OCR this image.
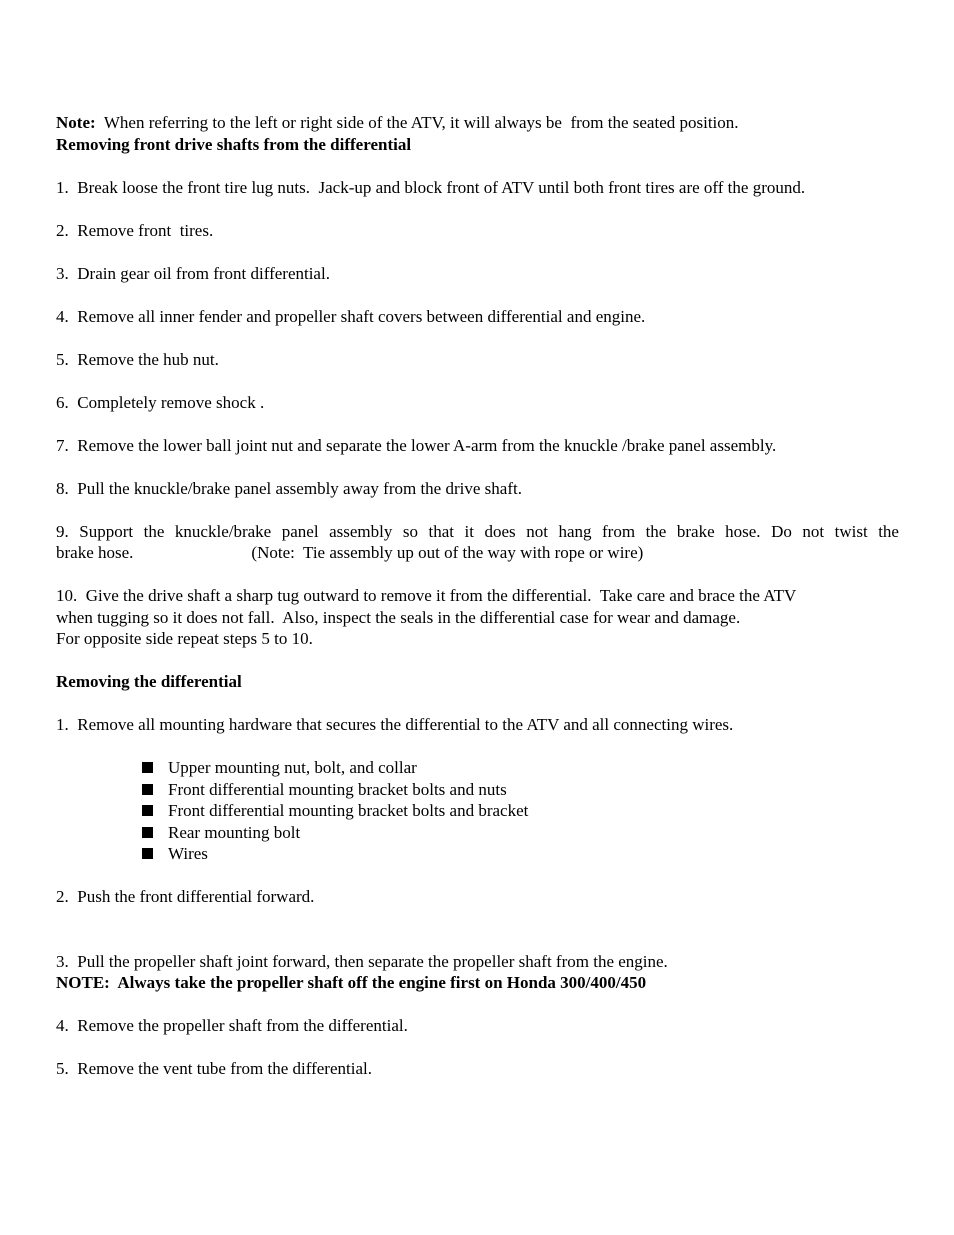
Note:  When referring to the left or right side of the ATV, it will always be  from the seated position.
Removing front drive shafts from the differential
1.  Break loose the front tire lug nuts.  Jack-up and block front of ATV until both front tires are off the ground.
2.  Remove front  tires.
3.  Drain gear oil from front differential.
4.  Remove all inner fender and propeller shaft covers between differential and engine.
5.  Remove the hub nut.
6.  Completely remove shock .
7.  Remove the lower ball joint nut and separate the lower A-arm from the knuckle /brake panel assembly.
8.  Pull the knuckle/brake panel assembly away from the drive shaft.
9. Support the knuckle/brake panel assembly so that it does not hang from the brake hose. Do not twist the
brake hose.	(Note:  Tie assembly up out of the way with rope or wire)
10.  Give the drive shaft a sharp tug outward to remove it from the differential.  Take care and brace the ATV
when tugging so it does not fall.  Also, inspect the seals in the differential case for wear and damage.
For opposite side repeat steps 5 to 10.
Removing the differential
1.  Remove all mounting hardware that secures the differential to the ATV and all connecting wires.
Upper mounting nut, bolt, and collar
Front differential mounting bracket bolts and nuts
Front differential mounting bracket bolts and bracket
Rear mounting bolt
Wires
2.  Push the front differential forward.
3.  Pull the propeller shaft joint forward, then separate the propeller shaft from the engine.
NOTE:  Always take the propeller shaft off the engine first on Honda 300/400/450
4.  Remove the propeller shaft from the differential.
5.  Remove the vent tube from the differential.
